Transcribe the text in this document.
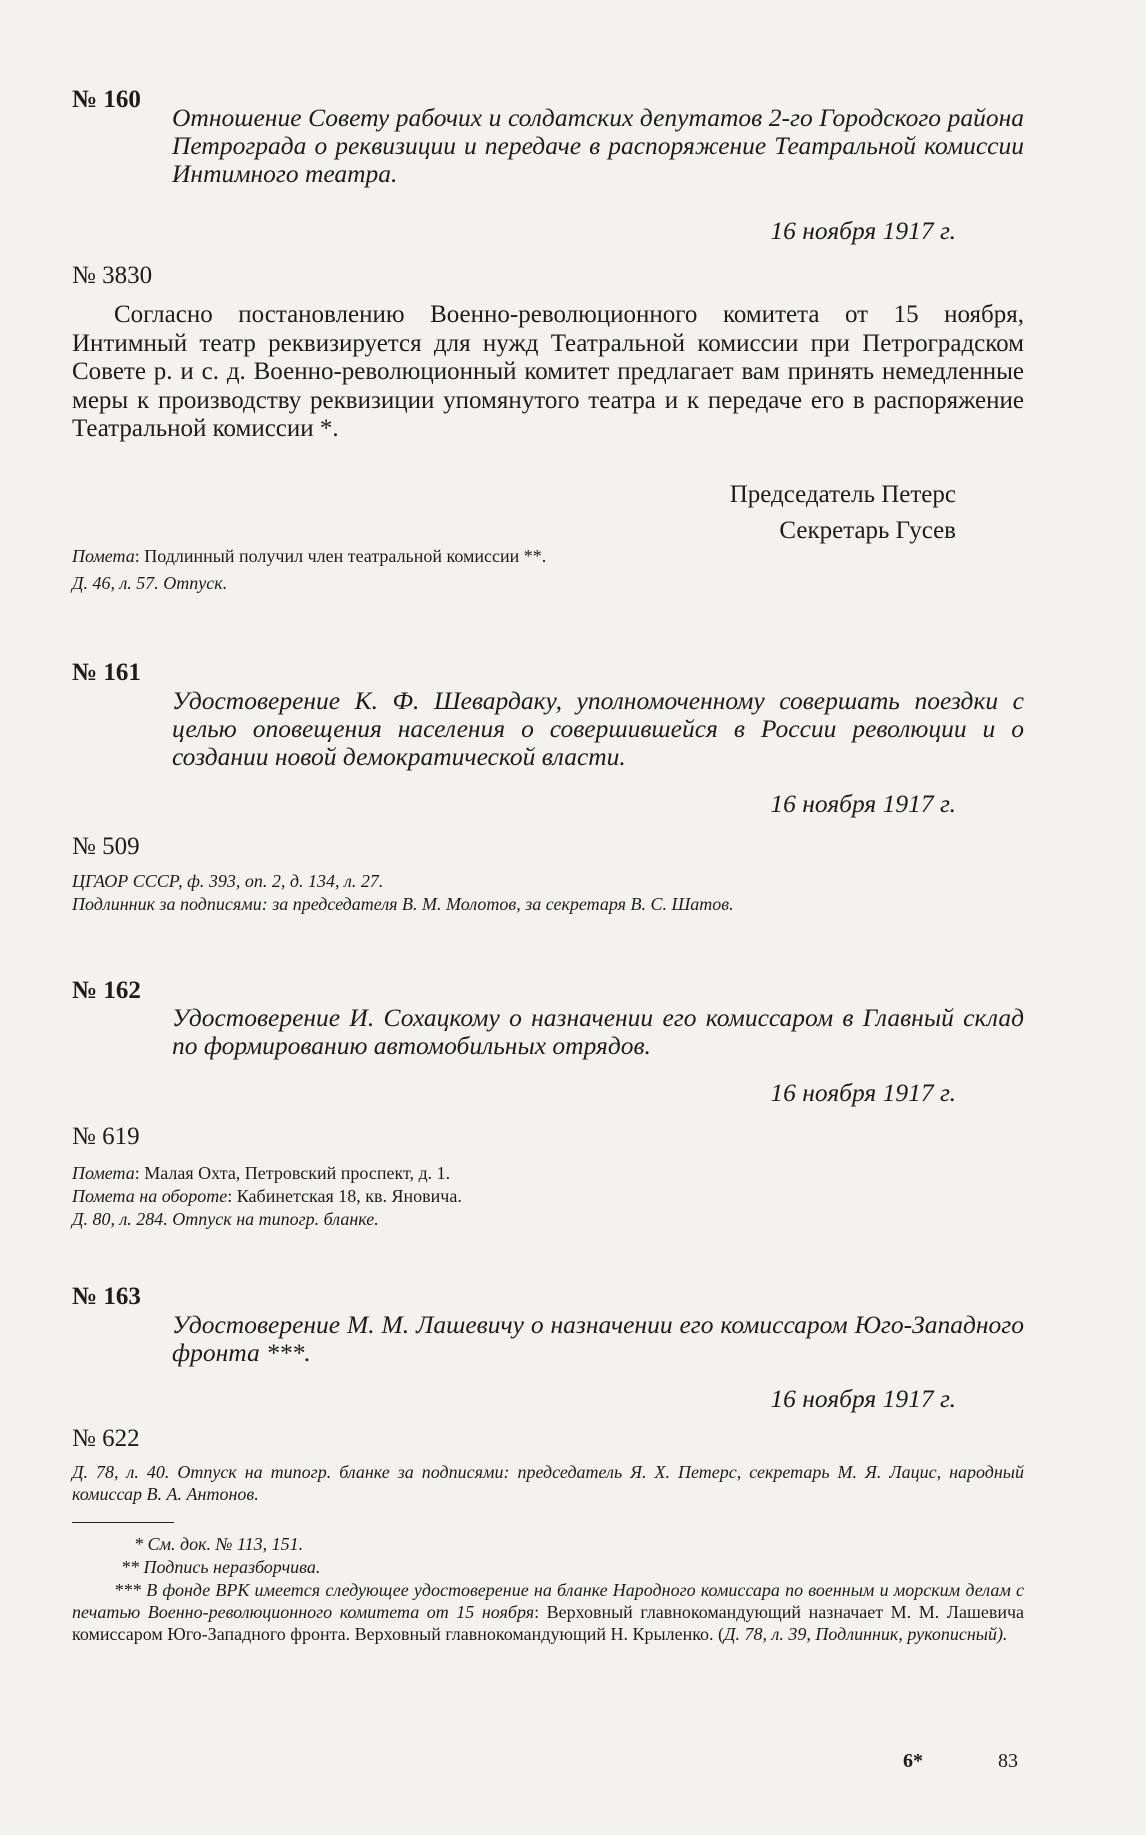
№ 160

Отношение Совету рабочих и солдатских депутатов 2-го Городского района Петрограда о реквизиции и передаче в распоряжение Театральной комиссии Интимного театра.

16 ноября 1917 г.
№ 3830

Согласно постановлению Военно-революционного комитета от 15 ноября, Интимный театр реквизируется для нужд Театральной комиссии при Петроградском Совете р. и с. д. Военно-революционный комитет предлагает вам принять немедленные меры к производству реквизиции упомянутого театра и к передаче его в распоряжение Театральной комиссии *.

Председатель Петерс
Секретарь Гусев
Помета: Подлинный получил член театральной комиссии **.
Д. 46, л. 57. Отпуск.
№ 161

Удостоверение К. Ф. Шевардаку, уполномоченному совершать поездки с целью оповещения населения о совершившейся в России революции и о создании новой демократической власти.

16 ноября 1917 г.
№ 509
ЦГАОР СССР, ф. 393, оп. 2, д. 134, л. 27.
Подлинник за подписями: за председателя В. М. Молотов, за секретаря В. С. Шатов.
№ 162

Удостоверение И. Сохацкому о назначении его комиссаром в Главный склад по формированию автомобильных отрядов.

16 ноября 1917 г.
№ 619
Помета: Малая Охта, Петровский проспект, д. 1.
Помета на обороте: Кабинетская 18, кв. Яновича.
Д. 80, л. 284. Отпуск на типогр. бланке.
№ 163

Удостоверение М. М. Лашевичу о назначении его комиссаром Юго-Западного фронта ***.

16 ноября 1917 г.
№ 622

Д. 78, л. 40. Отпуск на типогр. бланке за подписями: председатель Я. Х. Петерс, секретарь М. Я. Лацис, народный комиссар В. А. Антонов.

* См. док. № 113, 151.
** Подпись неразборчива.

*** В фонде ВРК имеется следующее удостоверение на бланке Народного комиссара по военным и морским делам с печатью Военно-революционного комитета от 15 ноября: Верховный главнокомандующий назначает М. М. Лашевича комиссаром Юго-Западного фронта. Верховный главнокомандующий Н. Крыленко. (Д. 78, л. 39, Подлинник, рукописный).

6*	83
